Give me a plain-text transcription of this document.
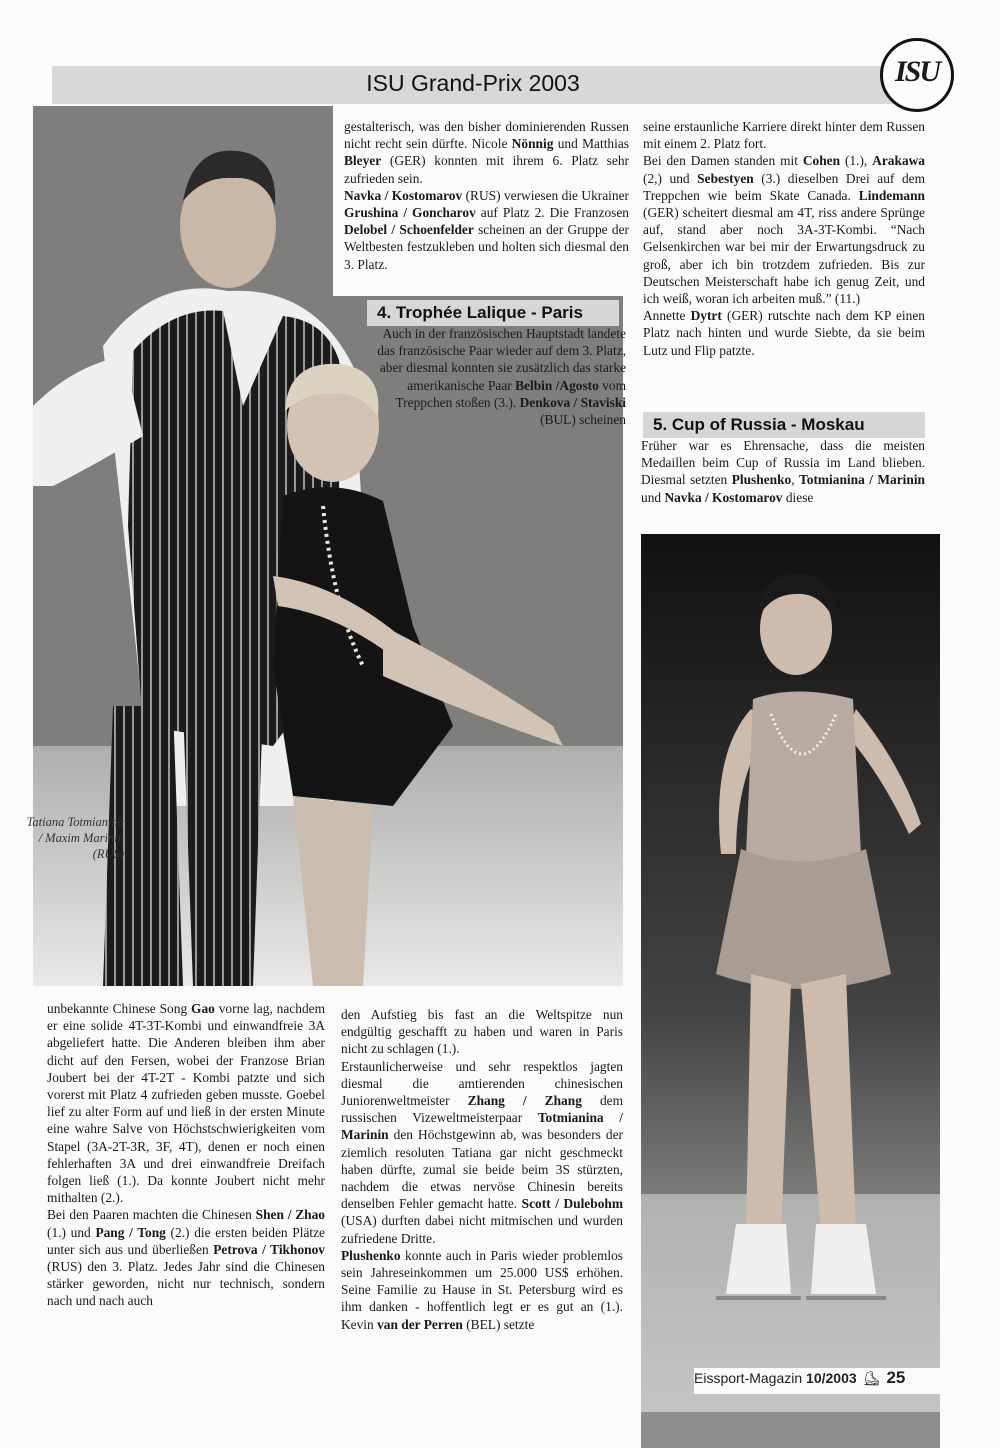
ISU Grand-Prix 2003	ISU
Tatiana Totmianina
/ Maxim Marinin
(RUS)

gestalterisch, was den bisher dominierenden Russen nicht recht sein dürfte. Nicole Nönnig und Matthias Bleyer (GER) konnten mit ihrem 6. Platz sehr zufrieden sein.

Navka / Kostomarov (RUS) verwiesen die Ukrainer Grushina / Goncharov auf Platz 2. Die Franzosen Delobel / Schoenfelder scheinen an der Gruppe der Weltbesten festzukleben und holten sich diesmal den 3. Platz.

4. Trophée Lalique - Paris

Auch in der französischen Hauptstadt landete das französische Paar wieder auf dem 3. Platz, aber diesmal konnten sie zusätzlich das starke amerikanische Paar Belbin /Agosto vom Treppchen stoßen (3.). Denkova / Staviski (BUL) scheinen

seine erstaunliche Karriere direkt hinter dem Russen mit einem 2. Platz fort.

Bei den Damen standen mit Cohen (1.), Arakawa (2,) und Sebestyen (3.) dieselben Drei auf dem Treppchen wie beim Skate Canada. Lindemann (GER) scheitert diesmal am 4T, riss andere Sprünge auf, stand aber noch 3A-3T-Kombi. “Nach Gelsenkirchen war bei mir der Erwartungsdruck zu groß, aber ich bin trotzdem zufrieden. Bis zur Deutschen Meisterschaft habe ich genug Zeit, und ich weiß, woran ich arbeiten muß.” (11.)

Annette Dytrt (GER) rutschte nach dem KP einen Platz nach hinten und wurde Siebte, da sie beim Lutz und Flip patzte.

5. Cup of Russia - Moskau

Früher war es Ehrensache, dass die meisten Medaillen beim Cup of Russia im Land blieben. Diesmal setzten Plushenko, Totmianina / Marinin und Navka / Kostomarov diese

unbekannte Chinese Song Gao vorne lag, nachdem er eine solide 4T-3T-Kombi und einwandfreie 3A abgeliefert hatte. Die Anderen bleiben ihm aber dicht auf den Fersen, wobei der Franzose Brian Joubert bei der 4T-2T - Kombi patzte und sich vorerst mit Platz 4 zufrieden geben musste. Goebel lief zu alter Form auf und ließ in der ersten Minute eine wahre Salve von Höchstschwierigkeiten vom Stapel (3A-2T-3R, 3F, 4T), denen er noch einen fehlerhaften 3A und drei einwandfreie Dreifach folgen ließ (1.). Da konnte Joubert nicht mehr mithalten (2.).

Bei den Paaren machten die Chinesen Shen / Zhao (1.) und Pang / Tong (2.) die ersten beiden Plätze unter sich aus und überließen Petrova / Tikhonov (RUS) den 3. Platz. Jedes Jahr sind die Chinesen stärker geworden, nicht nur technisch, sondern nach und nach auch

den Aufstieg bis fast an die Weltspitze nun endgültig geschafft zu haben und waren in Paris nicht zu schlagen (1.).

Erstaunlicherweise und sehr respektlos jagten diesmal die amtierenden chinesischen Juniorenweltmeister Zhang / Zhang dem russischen Vizeweltmeisterpaar Totmianina / Marinin den Höchstgewinn ab, was besonders der ziemlich resoluten Tatiana gar nicht geschmeckt haben dürfte, zumal sie beide beim 3S stürzten, nachdem die etwas nervöse Chinesin bereits denselben Fehler gemacht hatte. Scott / Dulebohm (USA) durften dabei nicht mitmischen und wurden zufriedene Dritte.

Plushenko konnte auch in Paris wieder problemlos sein Jahreseinkommen um 25.000 US$ erhöhen. Seine Familie zu Hause in St. Petersburg wird es ihm danken - hoffentlich legt er es gut an (1.). Kevin van der Perren (BEL) setzte

Eissport-Magazin 10/2003 ⛸ 25
